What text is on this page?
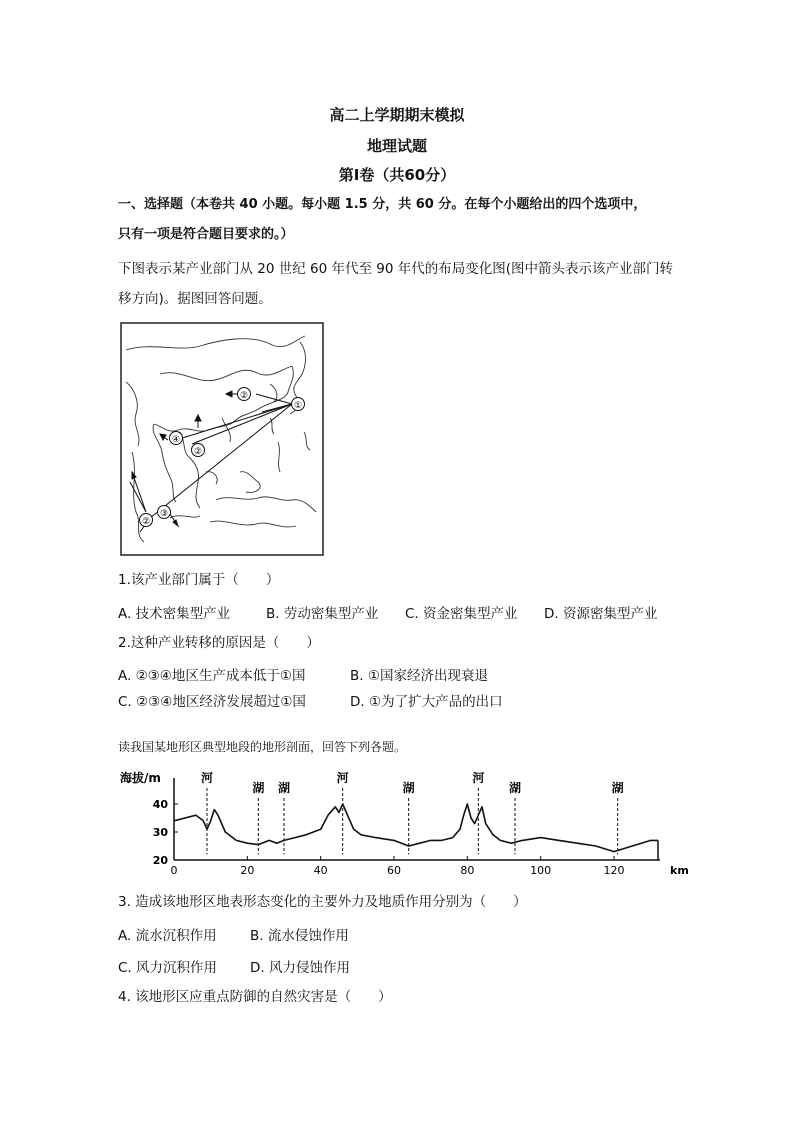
高二上学期期末模拟
地理试题
第Ⅰ卷（共60分）
一、选择题（本卷共 40 小题。每小题 1.5 分，共 60 分。在每个小题给出的四个选项中，
只有一项是符合题目要求的。）
下图表示某产业部门从 20 世纪 60 年代至 90 年代的布局变化图(图中箭头表示该产业部门转
移方向)。据图回答问题。
①
②
②
②
③
④
1.该产业部门属于（　　）
A. 技术密集型产业	B. 劳动密集型产业 C. 资金密集型产业 D. 资源密集型产业
2.这种产业转移的原因是（　　）
A. ②③④地区生产成本低于①国	B. ①国家经济出现衰退
C. ②③④地区经济发展超过①国	D. ①为了扩大产品的出口
读我国某地形区典型地段的地形剖面，回答下列各题。
海拔/m
20
30
40
0	20	40	60	80	100	120	km
河
湖 湖
河
湖
河
湖	湖
3. 造成该地形区地表形态变化的主要外力及地质作用分别为（　　）
A. 流水沉积作用 B. 流水侵蚀作用
C. 风力沉积作用 D. 风力侵蚀作用
4. 该地形区应重点防御的自然灾害是（　　）
